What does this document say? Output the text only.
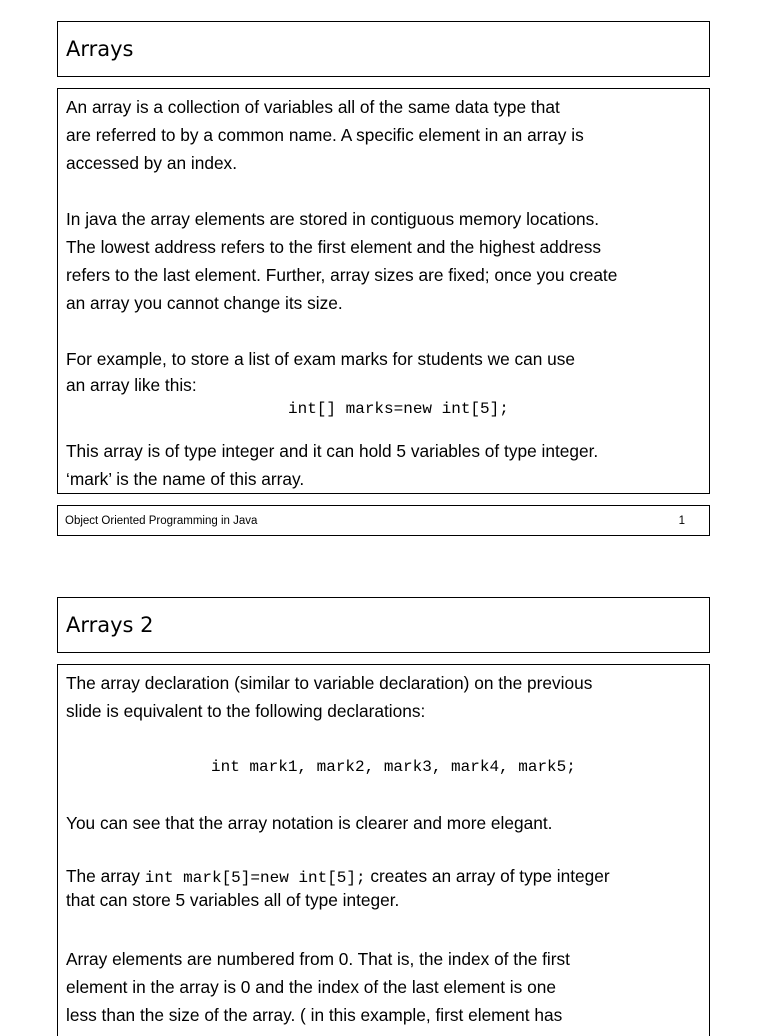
Arrays
An array is a collection of variables all of the same data type that
are referred to by a common name. A specific element in an array is
accessed by an index.
In java the array elements are stored in contiguous memory locations.
The lowest address refers to the first element and the highest address
refers to the last element. Further, array sizes are fixed; once you create
an array you cannot change its size.
For example, to store a list of exam marks for students we can use
an array like this:
int[] marks=new int[5];
This array is of type integer and it can hold 5 variables of type integer.
‘mark’ is the name of this array.
Object Oriented Programming in Java	1
Arrays 2
The array declaration (similar to variable declaration) on the previous
slide is equivalent to the following declarations:
int mark1, mark2, mark3, mark4, mark5;
You can see that the array notation is clearer and more elegant.
The array int mark[5]=new int[5]; creates an array of type integer
that can store 5 variables all of type integer.
Array elements are numbered from 0. That is, the index of the first
element in the array is 0 and the index of the last element is one
less than the size of the array. ( in this example, first element has
